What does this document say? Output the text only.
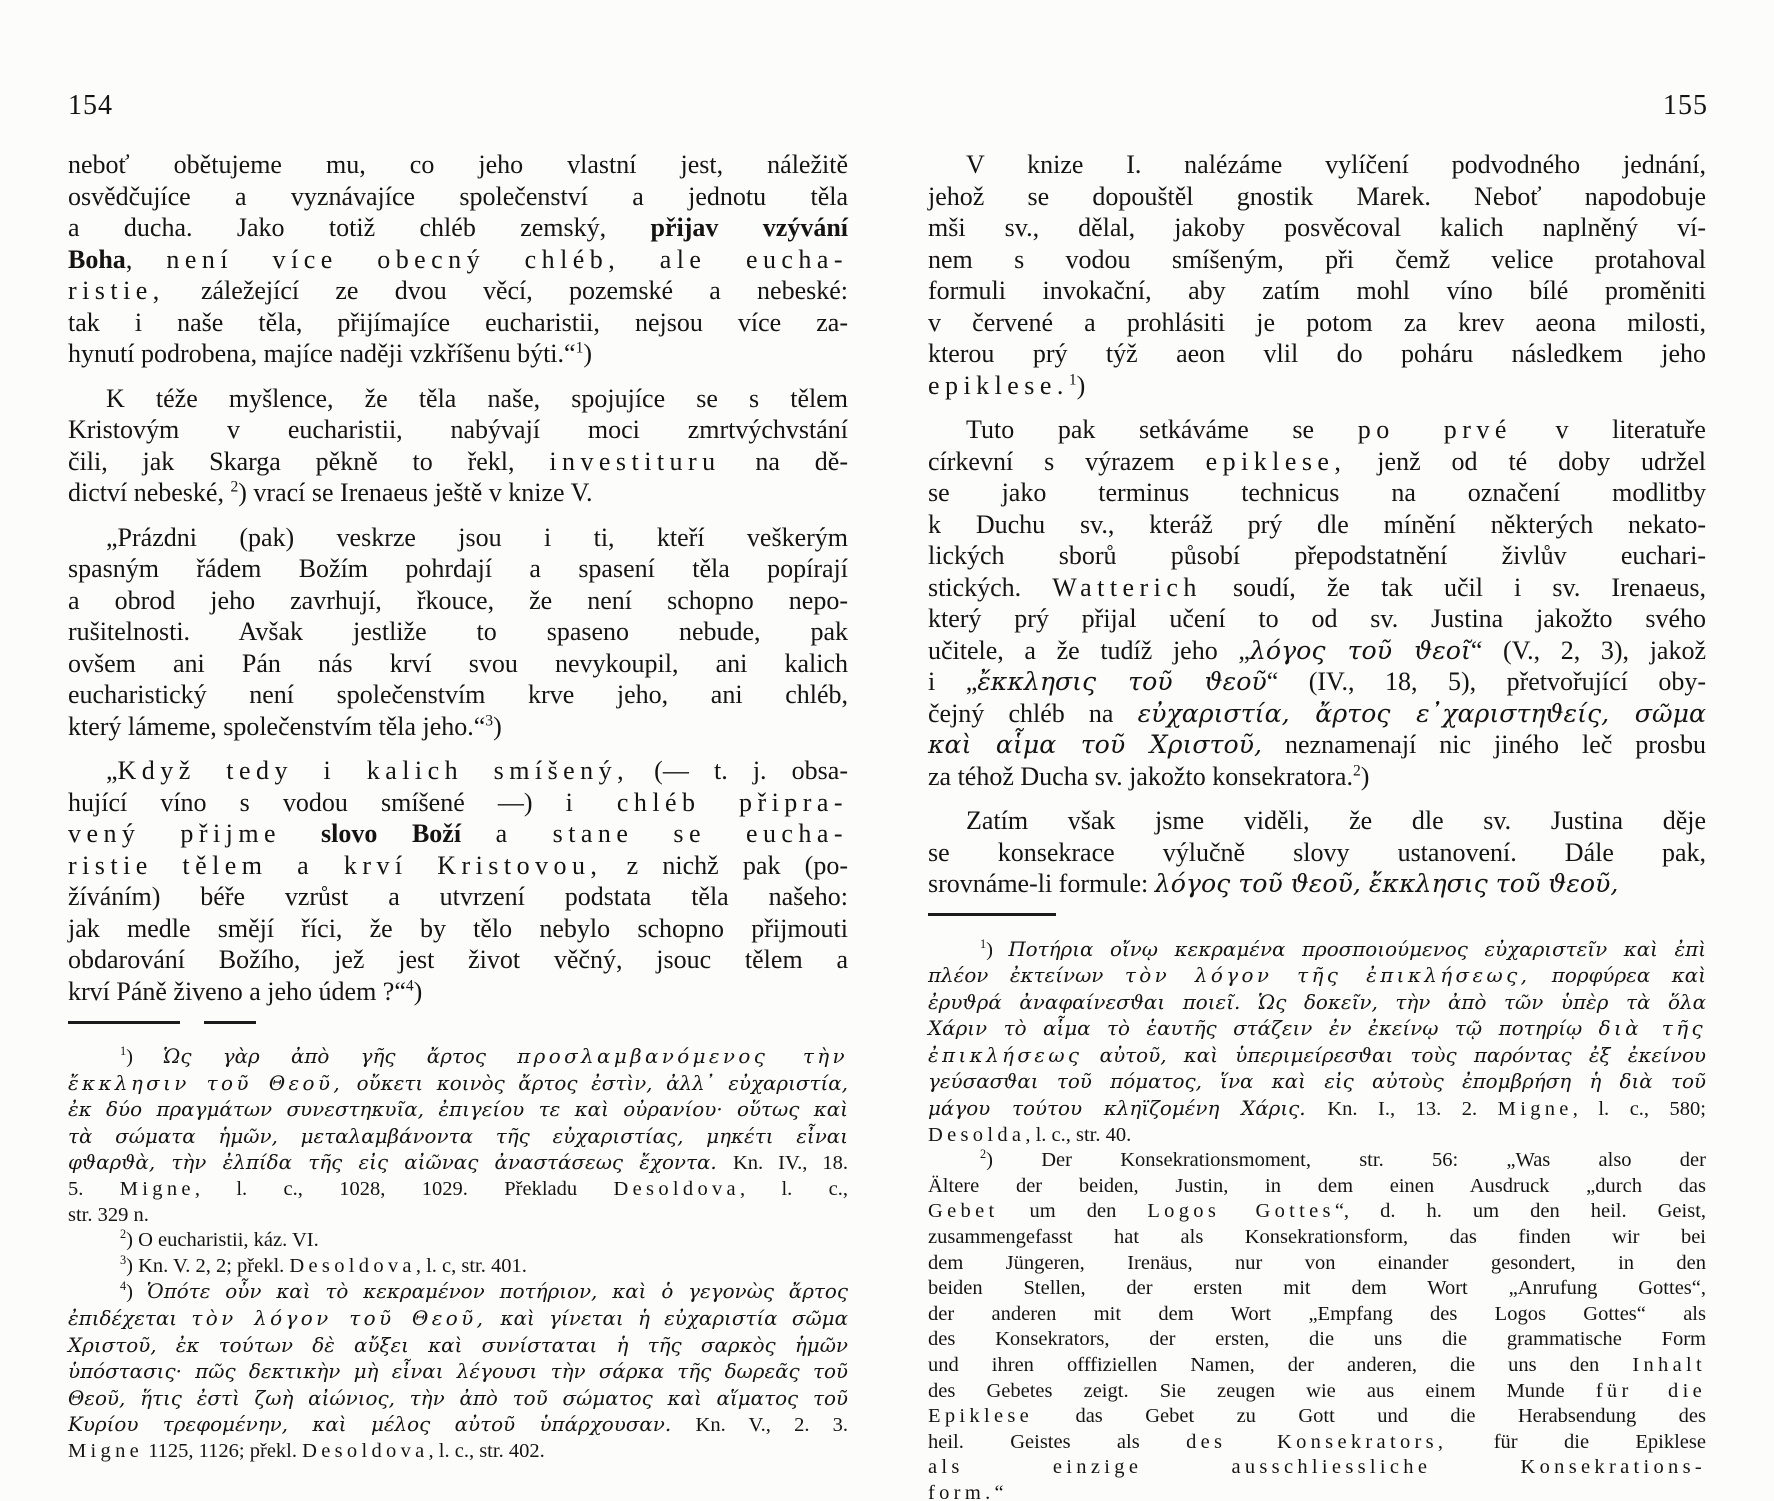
154	155
neboť obětujeme mu, co jeho vlastní jest, náležitě
osvědčujíce a vyznávajíce společenství a jednotu těla
a ducha. Jako totiž chléb zemský, přijav vzývání
Boha, není více obecný chléb, ale eucha-
ristie, záležející ze dvou věcí, pozemské a nebeské:
tak i naše těla, přijímajíce eucharistii, nejsou více za-
hynutí podrobena, majíce naději vzkříšenu býti.“$^1$)
K téže myšlence, že těla naše, spojujíce se s tělem
Kristovým v eucharistii, nabývají moci zmrtvýchvstání
čili, jak Skarga pěkně to řekl, investituru na dě-
dictví nebeské, $^2$) vrací se Irenaeus ještě v knize V.
„Prázdni (pak) veskrze jsou i ti, kteří veškerým
spasným řádem Božím pohrdají a spasení těla popírají
a obrod jeho zavrhují, řkouce, že není schopno nepo-
rušitelnosti. Avšak jestliže to spaseno nebude, pak
ovšem ani Pán nás krví svou nevykoupil, ani kalich
eucharistický není společenstvím krve jeho, ani chléb,
který lámeme, společenstvím těla jeho.“$^3$)
„Když tedy i kalich smíšený, (— t. j. obsa-
hující víno s vodou smíšené —) i chléb připra-
vený přijme slovo Boží a stane se eucha-
ristie tělem a krví Kristovou, z nichž pak (po-
žíváním) béře vzrůst a utvrzení podstata těla našeho:
jak medle smějí říci, že by tělo nebylo schopno přijmouti
obdarování Božího, jež jest život věčný, jsouc tělem a
krví Páně živeno a jeho údem ?“$^4$)
$^1$) Ὡς γὰρ ἀπὸ γῆς ἄρτος προσλαμβανόμενος τὴν
ἔκκλησιν τοῦ Θεοῦ, οὔκετι κοινὸς ἄρτος ἐστὶν, ἀλλ᾽ εὐχαριστία,
ἐκ δύο πραγμάτων συνεστηκυῖα, ἐπιγείου τε καὶ οὐρανίου· οὕτως καὶ
τὰ σώματα ἡμῶν, μεταλαμβάνοντα τῆς εὐχαριστίας, μηκέτι εἶναι
φϑαρϑὰ, τὴν ἐλπίδα τῆς εἰς αἰῶνας ἀναστάσεως ἔχοντα. Kn. IV., 18.
5. Migne, l. c., 1028, 1029. Překladu Desoldova, l. c.,
str. 329 n.
$^2$) O eucharistii, káz. VI.
$^3$) Kn. V. 2, 2; překl. Desoldova, l. c, str. 401.
$^4$) Ὁπότε οὖν καὶ τὸ κεκραμένον ποτήριον, καὶ ὁ γεγονὼς ἄρτος
ἐπιδέχεται τὸν λόγον τοῦ Θεοῦ, καὶ γίνεται ἡ εὐχαριστία σῶμα
Χριστοῦ, ἐκ τούτων δὲ αὔξει καὶ συνίσταται ἡ τῆς σαρκὸς ἡμῶν
ὑπόστασις· πῶς δεκτικὴν μὴ εἶναι λέγουσι τὴν σάρκα τῆς δωρεᾶς τοῦ
Θεοῦ, ἥτις ἐστὶ ζωὴ αἰώνιος, τὴν ἀπὸ τοῦ σώματος καὶ αἵματος τοῦ
Κυρίου τρεφομένην, καὶ μέλος αὐτοῦ ὑπάρχουσαν. Kn. V., 2. 3.
Migne 1125, 1126; překl. Desoldova, l. c., str. 402.
V knize I. nalézáme vylíčení podvodného jednání,
jehož se dopouštěl gnostik Marek. Neboť napodobuje
mši sv., dělal, jakoby posvěcoval kalich naplněný ví-
nem s vodou smíšeným, při čemž velice protahoval
formuli invokační, aby zatím mohl víno bílé proměniti
v červené a prohlásiti je potom za krev aeona milosti,
kterou prý týž aeon vlil do poháru následkem jeho
epiklese.$^1$)
Tuto pak setkáváme se po prvé v literatuře
církevní s výrazem epiklese, jenž od té doby udržel
se jako terminus technicus na označení modlitby
k Duchu sv., kteráž prý dle mínění některých nekato-
lických sborů působí přepodstatnění živlův euchari-
stických. Watterich soudí, že tak učil i sv. Irenaeus,
který prý přijal učení to od sv. Justina jakožto svého
učitele, a že tudíž jeho „λόγος τοῦ ϑεοῖ“ (V., 2, 3), jakož
i „ἔκκλησις τοῦ ϑεοῦ“ (IV., 18, 5), přetvořující oby-
čejný chléb na εὐχαριστία, ἄρτος ε᾽χαριστηϑείς, σῶμα
καὶ αἷμα τοῦ Χριστοῦ, neznamenají nic jiného leč prosbu
za téhož Ducha sv. jakožto konsekratora.$^2$)
Zatím však jsme viděli, že dle sv. Justina děje
se konsekrace výlučně slovy ustanovení. Dále pak,
srovnáme-li formule: λόγος τοῦ ϑεοῦ, ἔκκλησις τοῦ ϑεοῦ,
$^1$) Ποτήρια οἴνῳ κεκραμένα προσποιούμενος εὐχαριστεῖν καὶ ἐπὶ
πλέον ἐκτείνων τὸν λόγον τῆς ἐπικλήσεως, πορφύρεα καὶ
ἐρυϑρά ἀναφαίνεσϑαι ποιεῖ. Ὡς δοκεῖν, τὴν ἀπὸ τῶν ὑπὲρ τὰ ὅλα
Χάριν τὸ αἷμα τὸ ἑαυτῆς στάζειν ἐν ἐκείνῳ τῷ ποτηρίῳ διὰ τῆς
ἐπικλήσεως αὐτοῦ, καὶ ὑπεριμείρεσϑαι τοὺς παρόντας ἐξ ἐκείνου
γεύσασϑαι τοῦ πόματος, ἵνα καὶ εἰς αὐτοὺς ἐπομβρήση ἡ διὰ τοῦ
μάγου τούτου κληϊζομένη Χάρις. Kn. I., 13. 2. Migne, l. c., 580;
Desolda, l. c., str. 40.
$^2$) Der Konsekrationsmoment, str. 56: „Was also der
Ältere der beiden, Justin, in dem einen Ausdruck „durch das
Gebet um den Logos Gottes“, d. h. um den heil. Geist,
zusammengefasst hat als Konsekrationsform, das finden wir bei
dem Jüngeren, Irenäus, nur von einander gesondert, in den
beiden Stellen, der ersten mit dem Wort „Anrufung Gottes“,
der anderen mit dem Wort „Empfang des Logos Gottes“ als
des Konsekrators, der ersten, die uns die grammatische Form
und ihren offfiziellen Namen, der anderen, die uns den Inhalt
des Gebetes zeigt. Sie zeugen wie aus einem Munde für die
Epiklese das Gebet zu Gott und die Herabsendung des
heil. Geistes als des Konsekrators, für die Epiklese
als einzige ausschliessliche Konsekrations-
form.“
